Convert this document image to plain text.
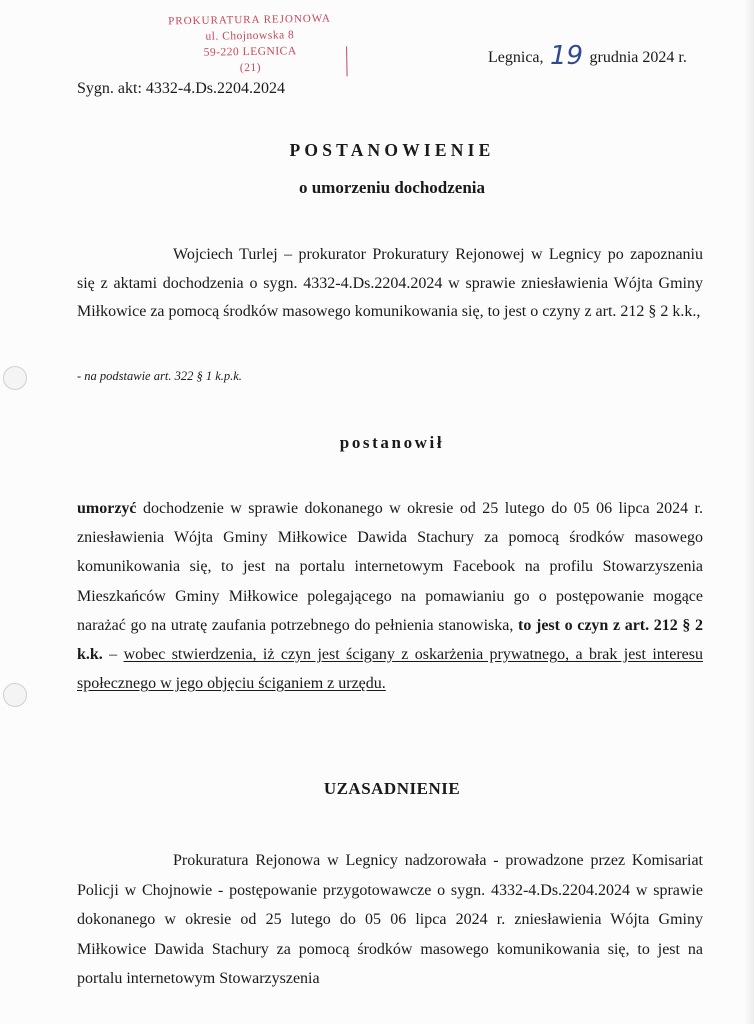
PROKURATURA REJONOWA
ul. Chojnowska 8
59-220 LEGNICA
(21)
Legnica, 19 grudnia 2024 r.
Sygn. akt: 4332-4.Ds.2204.2024
POSTANOWIENIE
o umorzeniu dochodzenia
Wojciech Turlej – prokurator Prokuratury Rejonowej w Legnicy po zapoznaniu się z aktami dochodzenia o sygn. 4332-4.Ds.2204.2024 w sprawie zniesławienia Wójta Gminy Miłkowice za pomocą środków masowego komunikowania się, to jest o czyny z art. 212 § 2 k.k.,
- na podstawie art. 322 § 1 k.p.k.
postanowił
umorzyć dochodzenie w sprawie dokonanego w okresie od 25 lutego do 05 06 lipca 2024 r. zniesławienia Wójta Gminy Miłkowice Dawida Stachury za pomocą środków masowego komunikowania się, to jest na portalu internetowym Facebook na profilu Stowarzyszenia Mieszkańców Gminy Miłkowice polegającego na pomawianiu go o postępowanie mogące narażać go na utratę zaufania potrzebnego do pełnienia stanowiska, to jest o czyn z art. 212 § 2 k.k. – wobec stwierdzenia, iż czyn jest ścigany z oskarżenia prywatnego, a brak jest interesu społecznego w jego objęciu ściganiem z urzędu.
UZASADNIENIE
Prokuratura Rejonowa w Legnicy nadzorowała - prowadzone przez Komisariat Policji w Chojnowie - postępowanie przygotowawcze o sygn. 4332-4.Ds.2204.2024 w sprawie dokonanego w okresie od 25 lutego do 05 06 lipca 2024 r. zniesławienia Wójta Gminy Miłkowice Dawida Stachury za pomocą środków masowego komunikowania się, to jest na portalu internetowym Stowarzyszenia
